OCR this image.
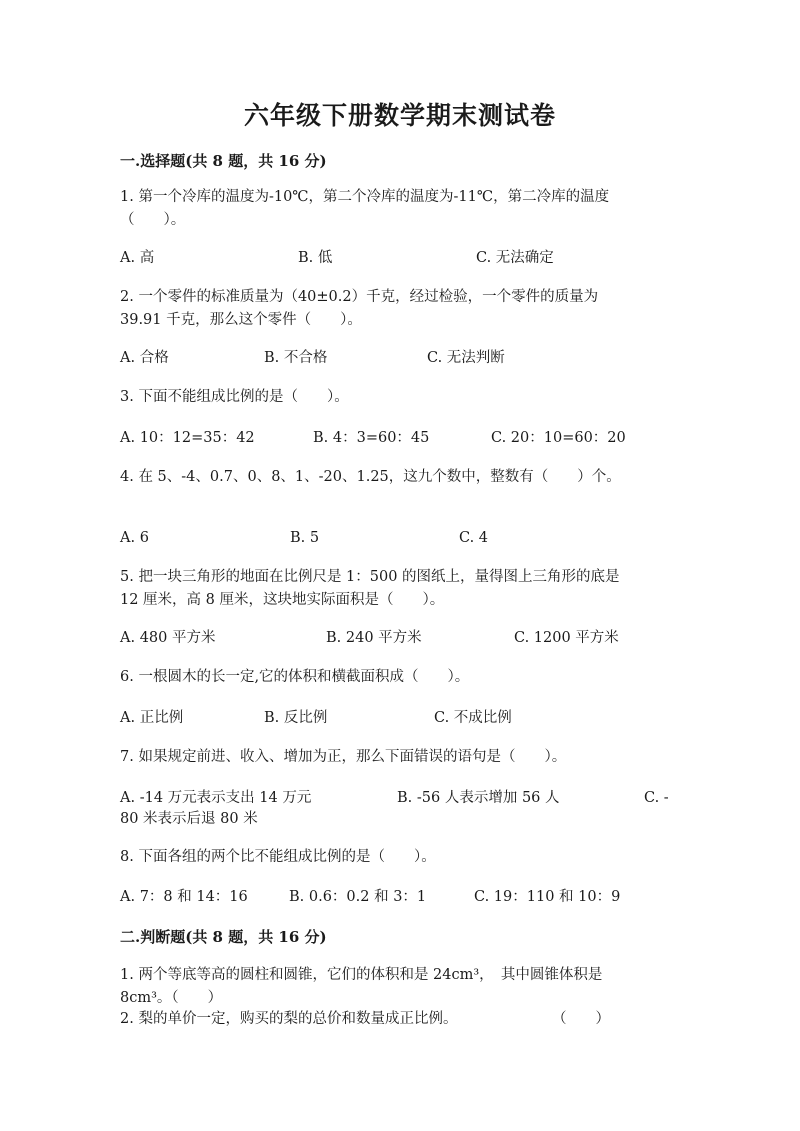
六年级下册数学期末测试卷
一.选择题(共 8 题，共 16 分)
1. 第一个冷库的温度为-10℃，第二个冷库的温度为-11℃，第二冷库的温度
（　　）。
A. 高	B. 低	C. 无法确定
2. 一个零件的标准质量为（40±0.2）千克，经过检验，一个零件的质量为
39.91 千克，那么这个零件（　　）。
A. 合格	B. 不合格	C. 无法判断
3. 下面不能组成比例的是（　　）。
A. 10：12=35：42	B. 4：3=60：45	C. 20：10=60：20
4. 在 5、-4、0.7、0、8、1、-20、1.25，这九个数中，整数有（　　）个。
A. 6	B. 5	C. 4
5. 把一块三角形的地面在比例尺是 1：500 的图纸上，量得图上三角形的底是
12 厘米，高 8 厘米，这块地实际面积是（　　）。
A. 480 平方米	B. 240 平方米	C. 1200 平方米
6. 一根圆木的长一定,它的体积和横截面积成（　　）。
A. 正比例	B. 反比例	C. 不成比例
7. 如果规定前进、收入、增加为正，那么下面错误的语句是（　　）。
A. -14 万元表示支出 14 万元	B. -56 人表示增加 56 人	C. -
80 米表示后退 80 米
8. 下面各组的两个比不能组成比例的是（　　）。
A. 7：8 和 14：16	B. 0.6：0.2 和 3：1	C. 19：110 和 10：9
二.判断题(共 8 题，共 16 分)
1. 两个等底等高的圆柱和圆锥，它们的体积和是 24cm³，　其中圆锥体积是
8cm³。（　　）
2. 梨的单价一定，购买的梨的总价和数量成正比例。	（　　）
